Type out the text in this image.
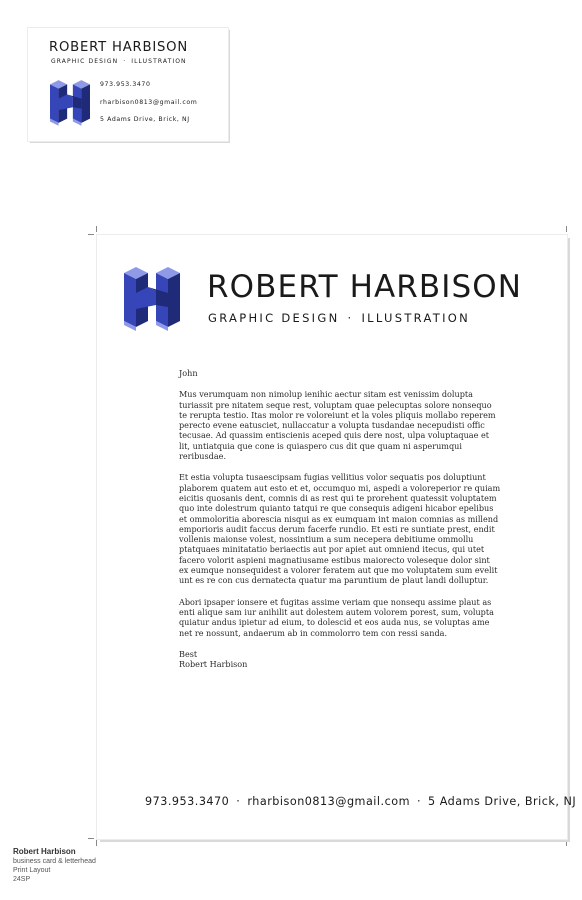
ROBERT HARBISON
GRAPHIC DESIGN · ILLUSTRATION
973.953.3470
rharbison0813@gmail.com
5 Adams Drive, Brick, NJ
ROBERT HARBISON
GRAPHIC DESIGN · ILLUSTRATION

John

Mus verumquam non nimolup ienihic aectur sitam est venissim dolupta turiassit pre nitatem seque rest, voluptam quae pelecuptas solore nonsequo te rerupta testio. Itas molor re voloreiunt et la voles pliquis mollabo reperem perecto evene eatusciet, nullaccatur a volupta tusdandae necepudisti offic tecusae. Ad quassim entiscienis aceped quis dere nost, ulpa voluptaquae et lit, untiatquia que cone is quiaspero cus dit que quam ni asperumqui reribusdae.

Et estia volupta tusaescipsam fugias vellitius volor sequatis pos doluptiunt plaborem quatem aut esto et et, occumquo mi, aspedi a voloreperior re quiam eicitis quosanis dent, comnis di as rest qui te prorehent quatessit voluptatem quo inte dolestrum quianto tatqui re que consequis adigeni hicabor epelibus et ommoloritia aborescia nisqui as ex eumquam int maion comnias as millend emporioris audit faccus derum facerfe rundio. Et esti re suntiate prest, endit vollenis maionse volest, nossintium a sum necepera debitiume ommollu ptatquaes minitatatio beriaectis aut por apiet aut omniend itecus, qui utet facero volorit aspieni magnatiusame estibus maiorecto voleseque dolor sint ex eumque nonsequidest a volorer feratem aut que mo voluptatem sum evelit unt es re con cus dernatecta quatur ma paruntium de plaut landi dolluptur.

Abori ipsaper ionsere et fugitas assime veriam que nonsequ assime plaut as enti alique sam iur anihilit aut dolestem autem volorem porest, sum, volupta quiatur andus ipietur ad eium, to dolescid et eos auda nus, se voluptas ame net re nossunt, andaerum ab in commolorro tem con ressi sanda.

Best
Robert Harbison
973.953.3470 · rharbison0813@gmail.com · 5 Adams Drive, Brick, NJ
Robert Harbison
business card & letterhead
Print Layout
24SP
